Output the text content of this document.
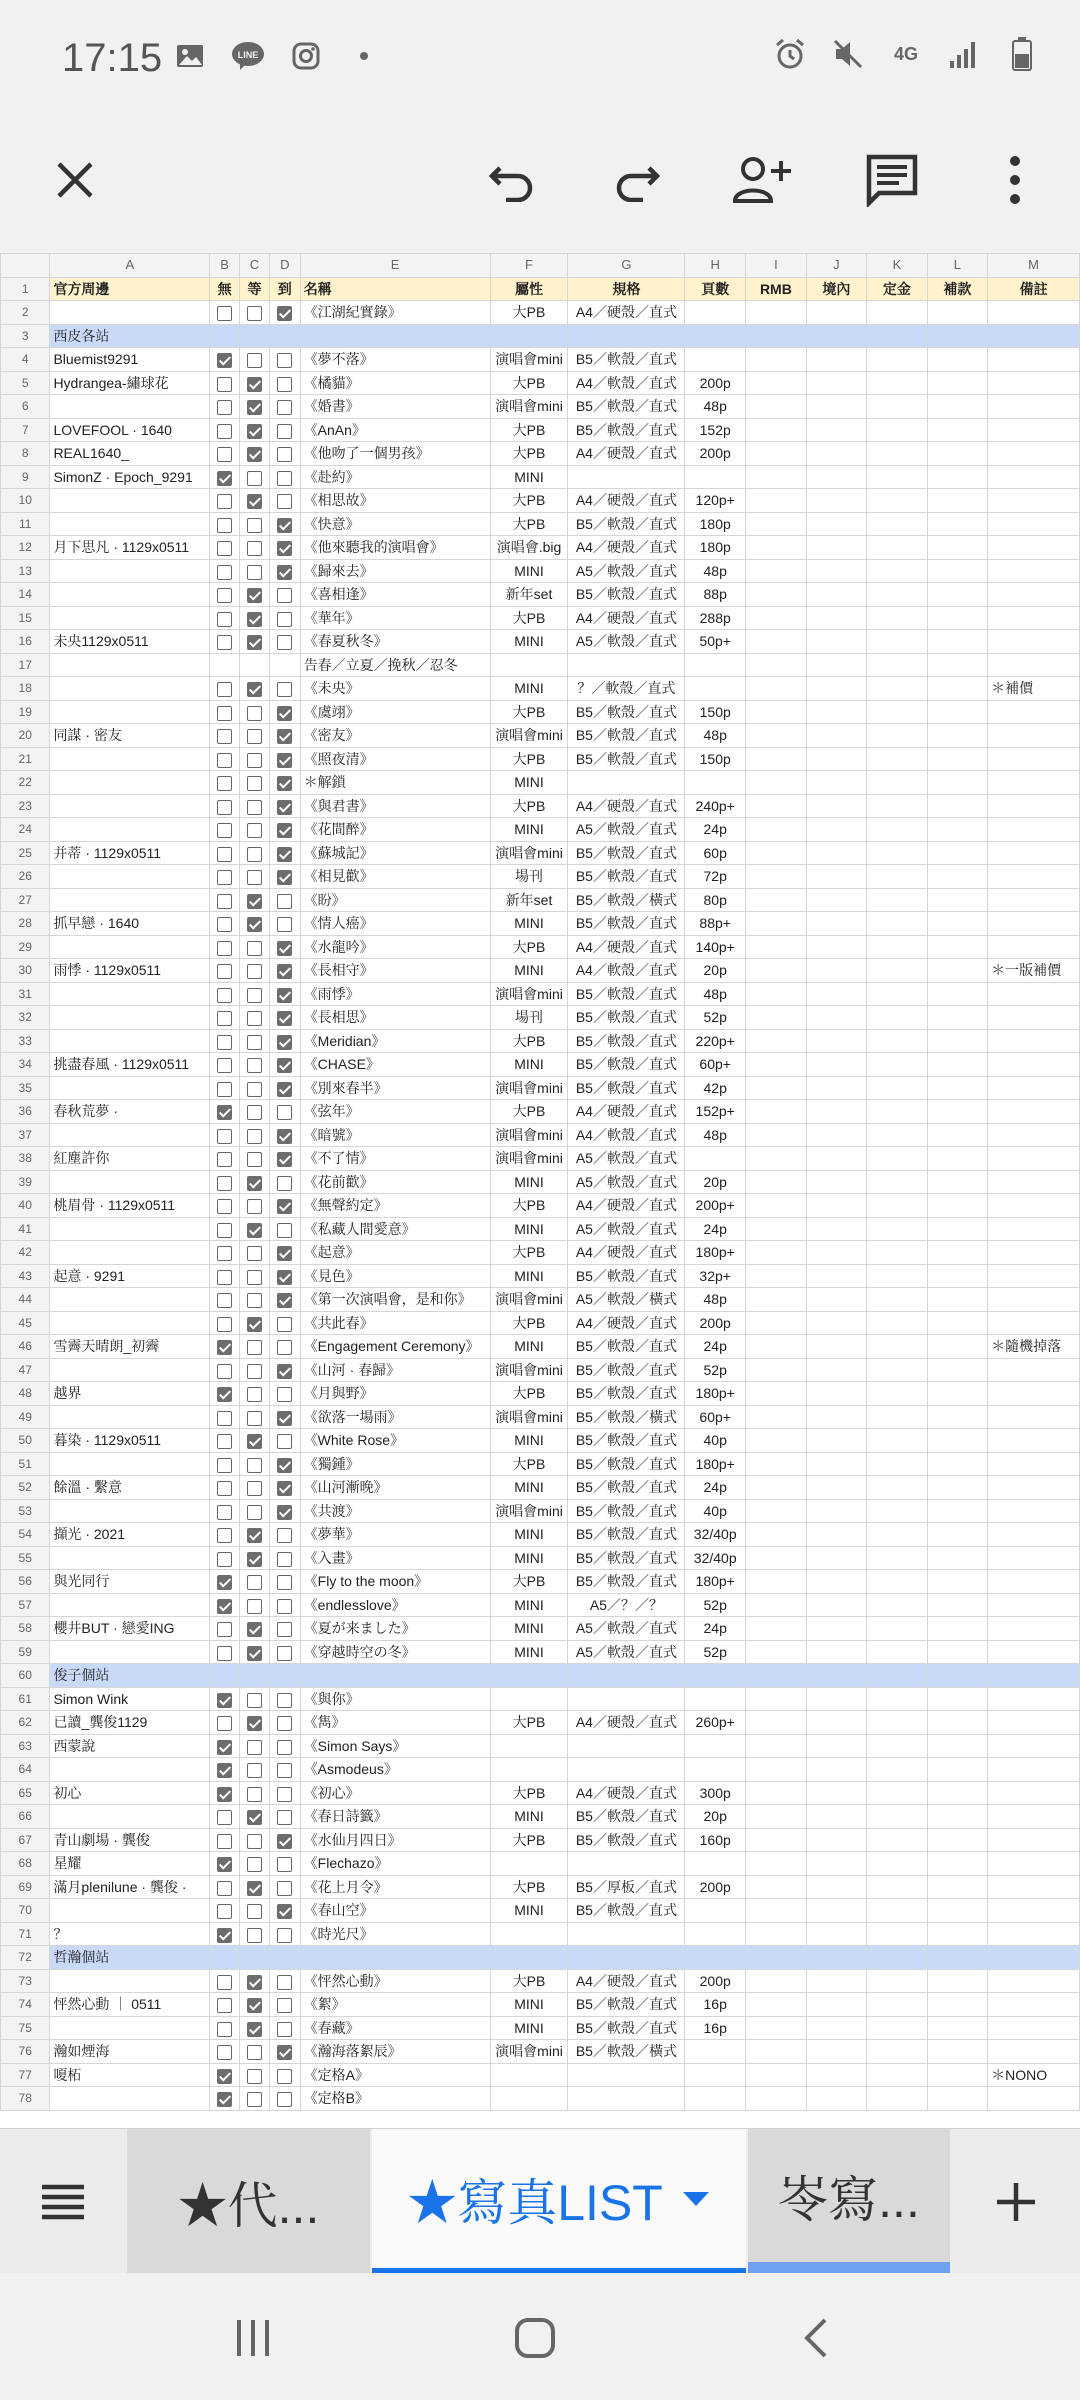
17:15	LINE	4G
	A	B	C	D	E	F	G	H	I	J	K	L	M
1	官方周邊	無	等	到	名稱	屬性	規格	頁數	RMB	境內	定金	補款	備註
2					《江湖紀實錄》	大PB	A4／硬殼／直式						
3	西皮各站												
4	Bluemist9291				《夢不落》	演唱會mini	B5／軟殼／直式						
5	Hydrangea-繡球花				《橘貓》	大PB	A4／軟殼／直式	200p					
6					《婚書》	演唱會mini	B5／軟殼／直式	48p					
7	LOVEFOOL · 1640				《AnAn》	大PB	B5／軟殼／直式	152p					
8	REAL1640_				《他吻了一個男孩》	大PB	A4／硬殼／直式	200p					
9	SimonZ · Epoch_9291				《赴約》	MINI							
10					《相思故》	大PB	A4／硬殼／直式	120p+					
11					《快意》	大PB	B5／軟殼／直式	180p					
12	月下思凡 · 1129x0511				《他來聽我的演唱會》	演唱會.big	A4／硬殼／直式	180p					
13					《歸來去》	MINI	A5／軟殼／直式	48p					
14					《喜相逢》	新年set	B5／軟殼／直式	88p					
15					《華年》	大PB	A4／硬殼／直式	288p					
16	未央1129x0511				《春夏秋冬》	MINI	A5／軟殼／直式	50p+					
17					告春／立夏／挽秋／忍冬								
18					《未央》	MINI	？／軟殼／直式						＊補價
19					《虞翊》	大PB	B5／軟殼／直式	150p					
20	同謀 · 密友				《密友》	演唱會mini	B5／軟殼／直式	48p					
21					《照夜清》	大PB	B5／軟殼／直式	150p					
22					＊解鎖	MINI							
23					《與君書》	大PB	A4／硬殼／直式	240p+					
24					《花間醉》	MINI	A5／軟殼／直式	24p					
25	并蒂 · 1129x0511				《蘇城記》	演唱會mini	B5／軟殼／直式	60p					
26					《相見歡》	場刊	B5／軟殼／直式	72p					
27					《盼》	新年set	B5／軟殼／橫式	80p					
28	抓早戀 · 1640				《情人癌》	MINI	B5／軟殼／直式	88p+					
29					《水龍吟》	大PB	A4／硬殼／直式	140p+					
30	雨悸 · 1129x0511				《長相守》	MINI	A4／軟殼／直式	20p					＊一版補價
31					《雨悸》	演唱會mini	B5／軟殼／直式	48p					
32					《長相思》	場刊	B5／軟殼／直式	52p					
33					《Meridian》	大PB	B5／軟殼／直式	220p+					
34	挑盡春風 · 1129x0511				《CHASE》	MINI	B5／軟殼／直式	60p+					
35					《別來春半》	演唱會mini	B5／軟殼／直式	42p					
36	春秋荒夢 ·				《弦年》	大PB	A4／硬殼／直式	152p+					
37					《暗號》	演唱會mini	A4／軟殼／直式	48p					
38	紅塵許你				《不了情》	演唱會mini	A5／軟殼／直式						
39					《花前歡》	MINI	A5／軟殼／直式	20p					
40	桃眉骨 · 1129x0511				《無聲約定》	大PB	A4／硬殼／直式	200p+					
41					《私藏人間愛意》	MINI	A5／軟殼／直式	24p					
42					《起意》	大PB	A4／硬殼／直式	180p+					
43	起意 · 9291				《見色》	MINI	B5／軟殼／直式	32p+					
44					《第一次演唱會，是和你》	演唱會mini	A5／軟殼／橫式	48p					
45					《共此春》	大PB	A4／硬殼／直式	200p					
46	雪霽天晴朗_初霽				《Engagement Ceremony》	MINI	B5／軟殼／直式	24p					＊隨機掉落
47					《山河 · 春歸》	演唱會mini	B5／軟殼／直式	52p					
48	越界				《月與野》	大PB	B5／軟殼／直式	180p+					
49					《欲落一場雨》	演唱會mini	B5／軟殼／橫式	60p+					
50	暮染 · 1129x0511				《White Rose》	MINI	B5／軟殼／直式	40p					
51					《獨鍾》	大PB	B5／軟殼／直式	180p+					
52	餘溫 · 繫意				《山河漸晚》	MINI	B5／軟殼／直式	24p					
53					《共渡》	演唱會mini	B5／軟殼／直式	40p					
54	擷光 · 2021				《夢華》	MINI	B5／軟殼／直式	32/40p					
55					《入畫》	MINI	B5／軟殼／直式	32/40p					
56	與光同行				《Fly to the moon》	大PB	B5／軟殼／直式	180p+					
57					《endlesslove》	MINI	A5／？／？	52p					
58	櫻井BUT · 戀愛ING				《夏が来ました》	MINI	A5／軟殼／直式	24p					
59					《穿越時空の冬》	MINI	A5／軟殼／直式	52p					
60	俊子個站												
61	Simon Wink				《與你》								
62	已讀_龔俊1129				《雋》	大PB	A4／硬殼／直式	260p+					
63	西蒙說				《Simon Says》								
64					《Asmodeus》								
65	初心				《初心》	大PB	A4／硬殼／直式	300p					
66					《春日詩籤》	MINI	B5／軟殼／直式	20p					
67	青山劇場 · 龔俊				《水仙月四日》	大PB	B5／軟殼／直式	160p					
68	星耀				《Flechazo》								
69	滿月plenilune · 龔俊 ·				《花上月令》	大PB	B5／厚板／直式	200p					
70					《春山空》	MINI	B5／軟殼／直式						
71	？				《時光尺》								
72	哲瀚個站												
73					《怦然心動》	大PB	A4／硬殼／直式	200p					
74	怦然心動 ｜ 0511				《絮》	MINI	B5／軟殼／直式	16p					
75					《春藏》	MINI	B5／軟殼／直式	16p					
76	瀚如煙海				《瀚海落絮辰》	演唱會mini	B5／軟殼／橫式						
77	嗄柘				《定格A》								＊NONO
78					《定格B》								
★代... ★寫真LIST 岺寫...
